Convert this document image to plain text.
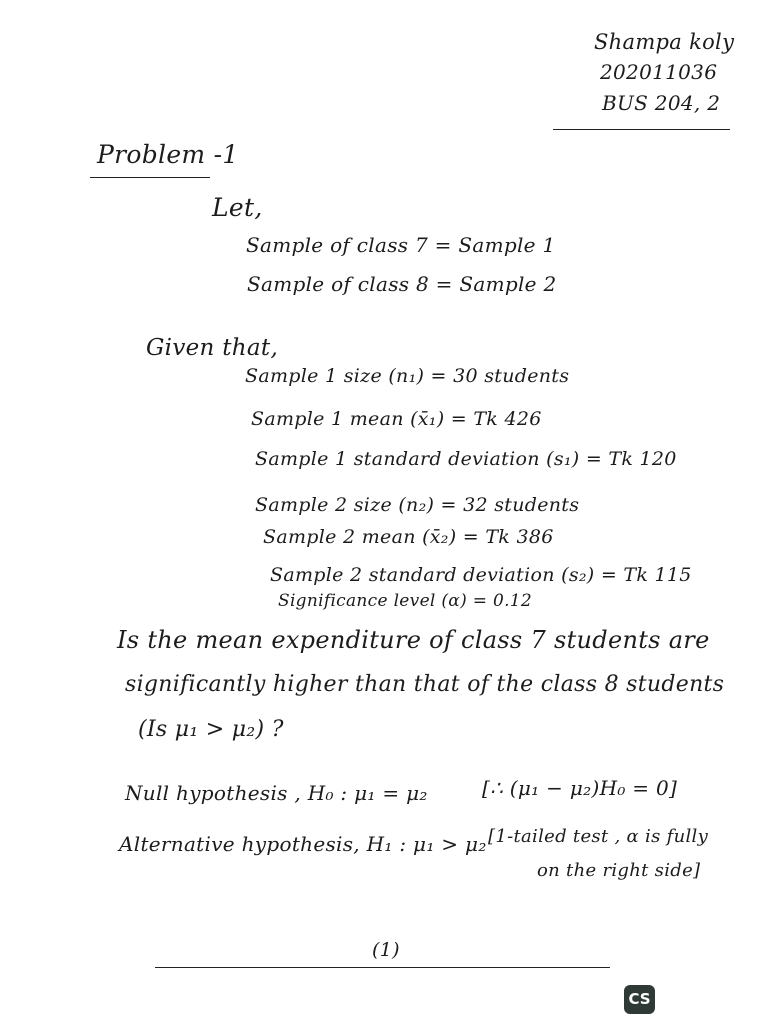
Shampa koly
202011036
BUS 204, 2
Problem -1
Let,
Sample of class 7 = Sample 1
Sample of class 8 = Sample 2
Given that,
Sample 1 size (n₁) = 30 students
Sample 1 mean (x̄₁) = Tk 426
Sample 1 standard deviation (s₁) = Tk 120
Sample 2 size (n₂) = 32 students
Sample 2 mean (x̄₂) = Tk 386
Sample 2 standard deviation (s₂) = Tk 115
Significance level (α) = 0.12
Is the mean expenditure of class 7 students are
significantly higher than that of the class 8 students
(Is μ₁ > μ₂) ?
Null hypothesis , H₀ : μ₁ = μ₂	[∴ (μ₁ − μ₂)H₀ = 0]
Alternative hypothesis, H₁ : μ₁ > μ₂ [1-tailed test , α is fully
on the right side]
(1)
CS
